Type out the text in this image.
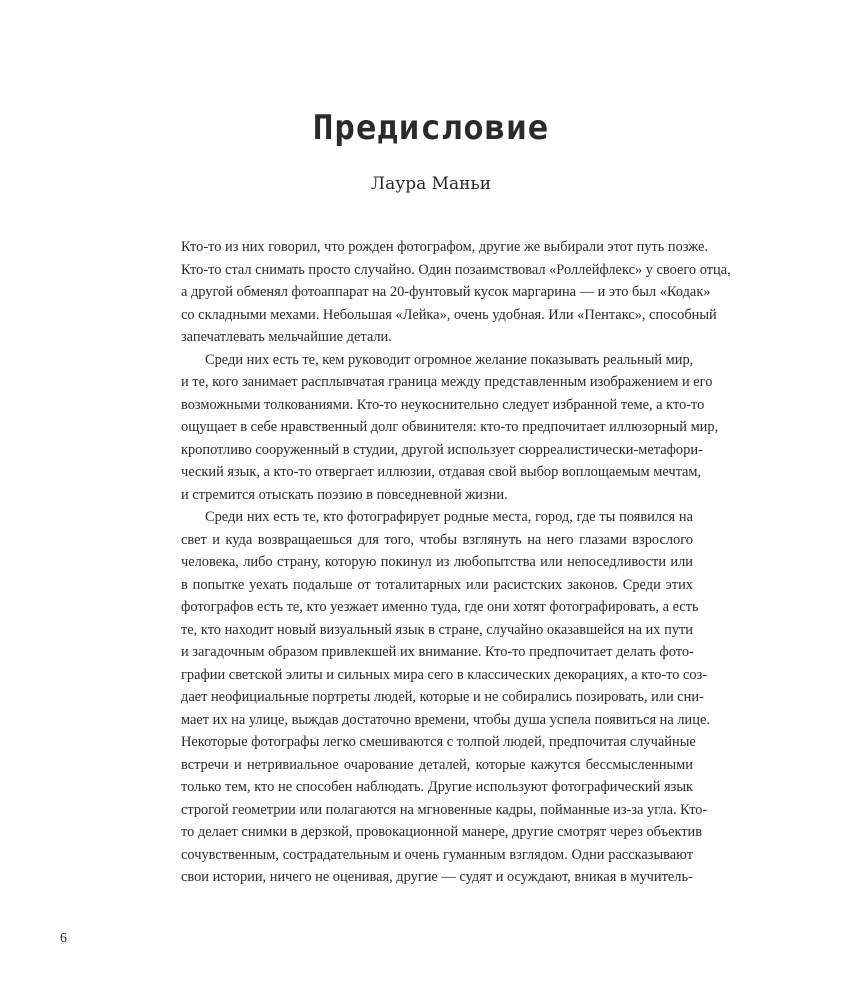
Предисловие
Лаура Маньи

Кто-то из них говорил, что рожден фотографом, другие же выбирали этот путь позже.
Кто-то стал снимать просто случайно. Один позаимствовал «Роллейфлекс» у своего отца,
а другой обменял фотоаппарат на 20-фунтовый кусок маргарина — и это был «Кодак»
со складными мехами. Небольшая «Лейка», очень удобная. Или «Пентакс», способный
запечатлевать мельчайшие детали.

Среди них есть те, кем руководит огромное желание показывать реальный мир,
и те, кого занимает расплывчатая граница между представленным изображением и его
возможными толкованиями. Кто-то неукоснительно следует избранной теме, а кто-то
ощущает в себе нравственный долг обвинителя: кто-то предпочитает иллюзорный мир,
кропотливо сооруженный в студии, другой использует сюрреалистически-метафори-
ческий язык, а кто-то отвергает иллюзии, отдавая свой выбор воплощаемым мечтам,
и стремится отыскать поэзию в повседневной жизни.

Среди них есть те, кто фотографирует родные места, город, где ты появился на
свет и куда возвращаешься для того, чтобы взглянуть на него глазами взрослого
человека, либо страну, которую покинул из любопытства или непоседливости или
в попытке уехать подальше от тоталитарных или расистских законов. Среди этих
фотографов есть те, кто уезжает именно туда, где они хотят фотографировать, а есть
те, кто находит новый визуальный язык в стране, случайно оказавшейся на их пути
и загадочным образом привлекшей их внимание. Кто-то предпочитает делать фото-
графии светской элиты и сильных мира сего в классических декорациях, а кто-то соз-
дает неофициальные портреты людей, которые и не собирались позировать, или сни-
мает их на улице, выждав достаточно времени, чтобы душа успела появиться на лице.
Некоторые фотографы легко смешиваются с толпой людей, предпочитая случайные
встречи и нетривиальное очарование деталей, которые кажутся бессмысленными
только тем, кто не способен наблюдать. Другие используют фотографический язык
строгой геометрии или полагаются на мгновенные кадры, пойманные из-за угла. Кто-
то делает снимки в дерзкой, провокационной манере, другие смотрят через объектив
сочувственным, сострадательным и очень гуманным взглядом. Одни рассказывают
свои истории, ничего не оценивая, другие — судят и осуждают, вникая в мучитель-

6
